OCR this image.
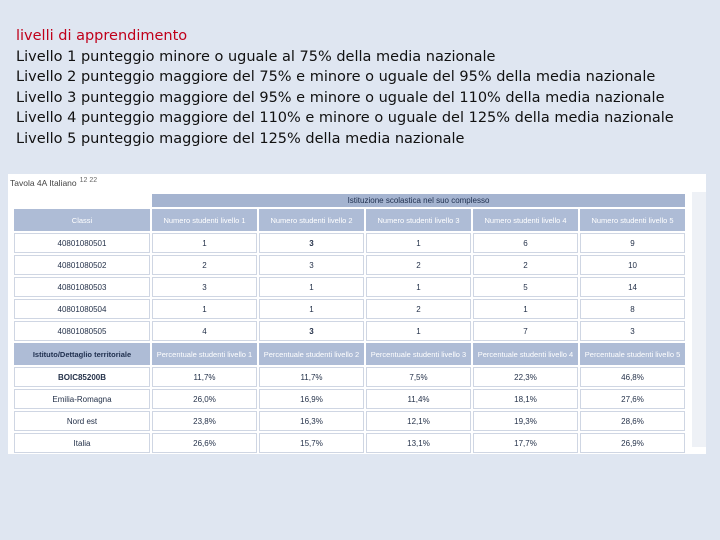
livelli di apprendimento
Livello 1 punteggio minore o uguale al 75% della media nazionale
Livello 2 punteggio maggiore del 75% e minore o uguale del 95% della media nazionale
Livello 3 punteggio maggiore del 95% e minore o uguale del 110% della media nazionale
Livello 4 punteggio maggiore del 110% e minore o uguale del 125% della media nazionale
Livello 5 punteggio maggiore del 125% della media nazionale
Tavola 4A Italiano $^{12 22}$
	Istituzione scolastica nel suo complesso				
Classi	Numero studenti livello 1	Numero studenti livello 2	Numero studenti livello 3	Numero studenti livello 4	Numero studenti livello 5
40801080501	1	3	1	6	9
40801080502	2	3	2	2	10
40801080503	3	1	1	5	14
40801080504	1	1	2	1	8
40801080505	4	3	1	7	3
Istituto/Dettaglio territoriale	Percentuale studenti livello 1	Percentuale studenti livello 2	Percentuale studenti livello 3	Percentuale studenti livello 4	Percentuale studenti livello 5
BOIC85200B	11,7%	11,7%	7,5%	22,3%	46,8%
Emilia-Romagna	26,0%	16,9%	11,4%	18,1%	27,6%
Nord est	23,8%	16,3%	12,1%	19,3%	28,6%
Italia	26,6%	15,7%	13,1%	17,7%	26,9%
